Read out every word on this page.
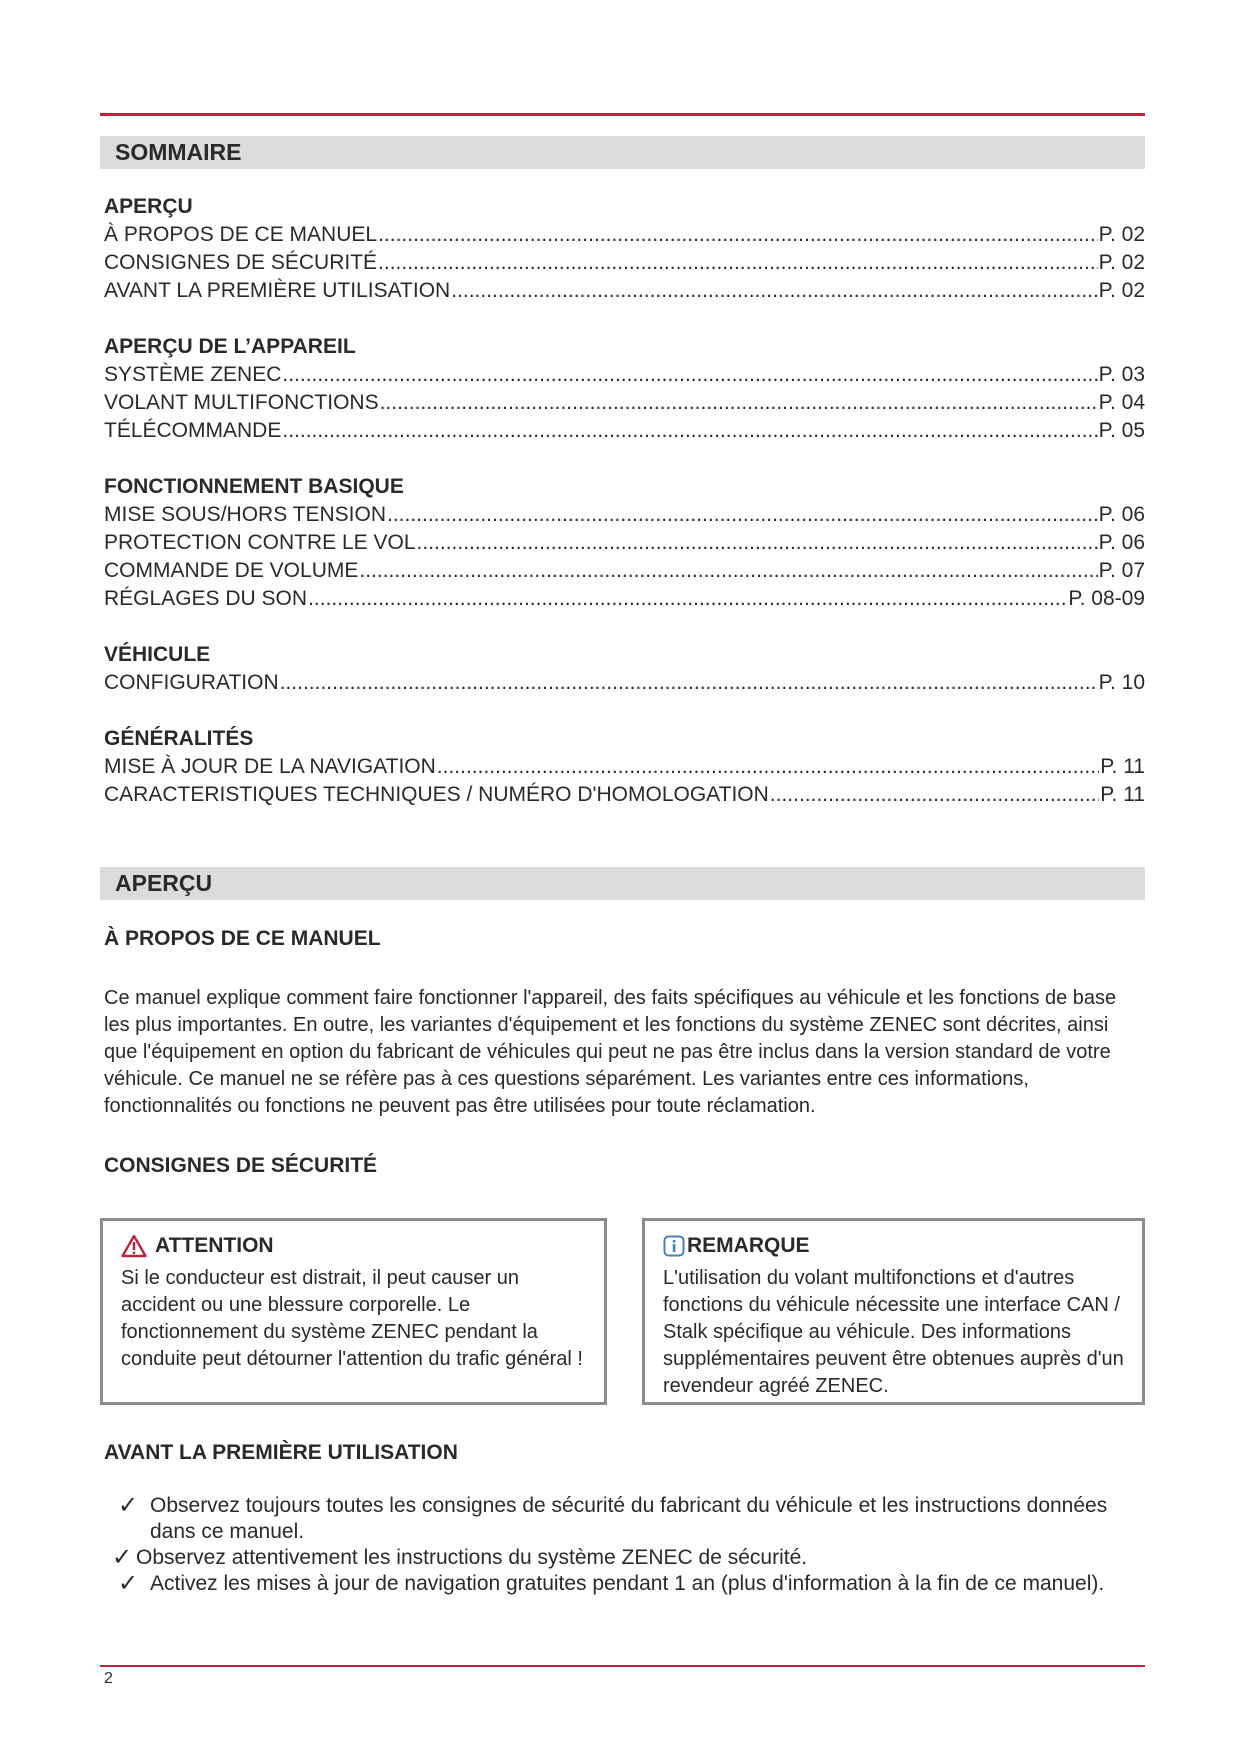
SOMMAIRE
APERÇU
À PROPOS DE CE MANUEL .....	P. 02
CONSIGNES DE SÉCURITÉ .....	P. 02
AVANT LA PREMIÈRE UTILISATION .....	P. 02
APERÇU DE L’APPAREIL
SYSTÈME ZENEC .....	P. 03
VOLANT MULTIFONCTIONS .....	P. 04
TÉLÉCOMMANDE .....	P. 05
FONCTIONNEMENT BASIQUE
MISE SOUS/HORS TENSION .....	P. 06
PROTECTION CONTRE LE VOL .....	P. 06
COMMANDE DE VOLUME .....	P. 07
RÉGLAGES DU SON .....	P. 08-09
VÉHICULE
CONFIGURATION .....	P. 10
GÉNÉRALITÉS
MISE À JOUR DE LA NAVIGATION .....	P. 11
CARACTERISTIQUES TECHNIQUES / NUMÉRO D'HOMOLOGATION .....	P. 11
APERÇU
À PROPOS DE CE MANUEL
Ce manuel explique comment faire fonctionner l'appareil, des faits spécifiques au véhicule et les fonctions de base les plus importantes. En outre, les variantes d'équipement et les fonctions du système ZENEC sont décrites, ainsi que l'équipement en option du fabricant de véhicules qui peut ne pas être inclus dans la version standard de votre véhicule. Ce manuel ne se réfère pas à ces questions séparément. Les variantes entre ces informations, fonctionnalités ou fonctions ne peuvent pas être utilisées pour toute réclamation.
CONSIGNES DE SÉCURITÉ
ATTENTION
Si le conducteur est distrait, il peut causer un accident ou une blessure corporelle. Le fonctionnement du système ZENEC pendant la conduite peut détourner l'attention du trafic général !
REMARQUE
L'utilisation du volant multifonctions et d'autres fonctions du véhicule nécessite une interface CAN / Stalk spécifique au véhicule. Des informations supplémentaires peuvent être obtenues auprès d'un revendeur agréé ZENEC.
AVANT LA PREMIÈRE UTILISATION
✓ Observez toujours toutes les consignes de sécurité du fabricant du véhicule et les instructions données dans ce manuel.
✓ Observez attentivement les instructions du système ZENEC de sécurité.
✓ Activez les mises à jour de navigation gratuites pendant 1 an (plus d'information à la fin de ce manuel).
2
